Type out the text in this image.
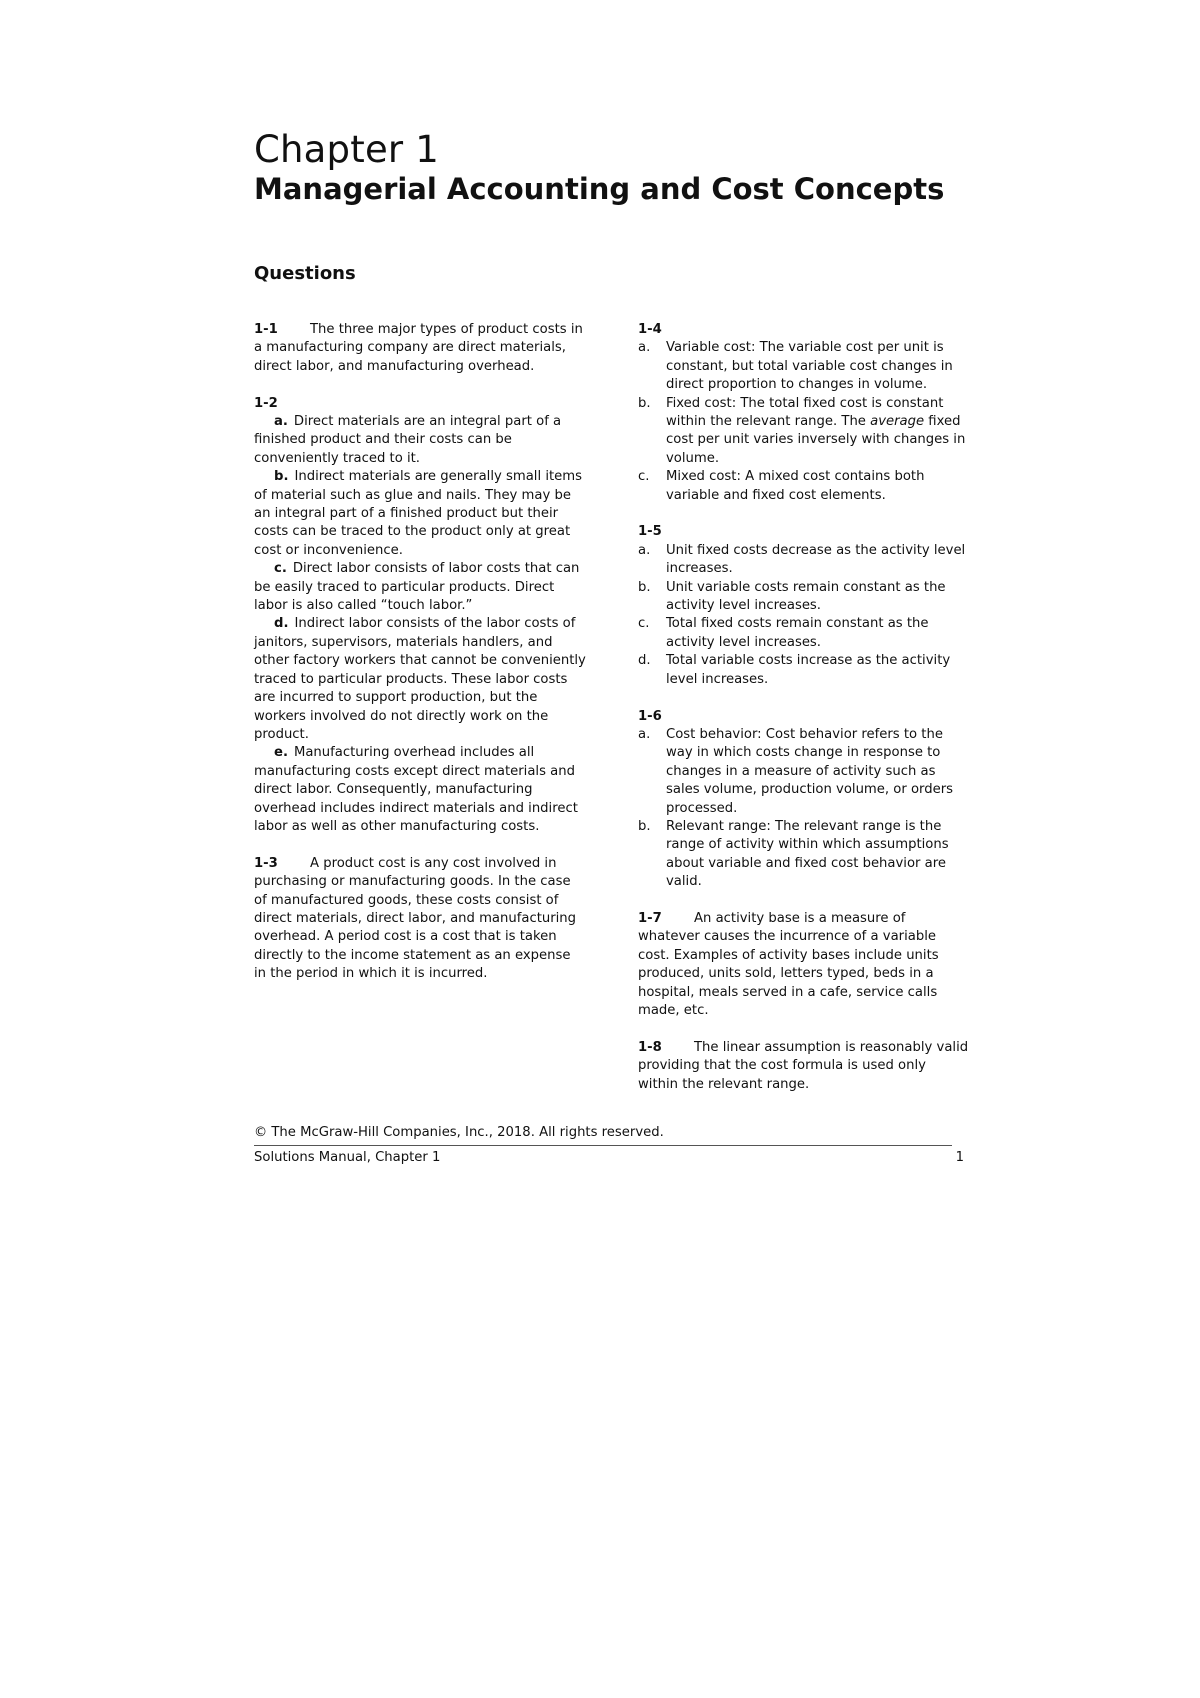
Chapter 1
Managerial Accounting and Cost Concepts
Questions

1-1 The three major types of product costs in a manufacturing company are direct materials, direct labor, and manufacturing overhead.

1-2

a. Direct materials are an integral part of a finished product and their costs can be conveniently traced to it.

b. Indirect materials are generally small items of material such as glue and nails. They may be an integral part of a finished product but their costs can be traced to the product only at great cost or inconvenience.

c. Direct labor consists of labor costs that can be easily traced to particular products. Direct labor is also called “touch labor.”

d. Indirect labor consists of the labor costs of janitors, supervisors, materials handlers, and other factory workers that cannot be conveniently traced to particular products. These labor costs are incurred to support production, but the workers involved do not directly work on the product.

e. Manufacturing overhead includes all manufacturing costs except direct materials and direct labor. Consequently, manufacturing overhead includes indirect materials and indirect labor as well as other manufacturing costs.

1-3 A product cost is any cost involved in purchasing or manufacturing goods. In the case of manufactured goods, these costs consist of direct materials, direct labor, and manufacturing overhead. A period cost is a cost that is taken directly to the income statement as an expense in the period in which it is incurred.

1-4
a.	Variable cost: The variable cost per unit is constant, but total variable cost changes in direct proportion to changes in volume.
b.	Fixed cost: The total fixed cost is constant within the relevant range. The average fixed cost per unit varies inversely with changes in volume.
c.	Mixed cost: A mixed cost contains both variable and fixed cost elements.
1-5
a.	Unit fixed costs decrease as the activity level increases.
b.	Unit variable costs remain constant as the activity level increases.
c.	Total fixed costs remain constant as the activity level increases.
d.	Total variable costs increase as the activity level increases.
1-6
a.	Cost behavior: Cost behavior refers to the way in which costs change in response to changes in a measure of activity such as sales volume, production volume, or orders processed.
b.	Relevant range: The relevant range is the range of activity within which assumptions about variable and fixed cost behavior are valid.

1-7 An activity base is a measure of whatever causes the incurrence of a variable cost. Examples of activity bases include units produced, units sold, letters typed, beds in a hospital, meals served in a cafe, service calls made, etc.

1-8 The linear assumption is reasonably valid providing that the cost formula is used only within the relevant range.

© The McGraw-Hill Companies, Inc., 2018. All rights reserved.

Solutions Manual, Chapter 1	1
